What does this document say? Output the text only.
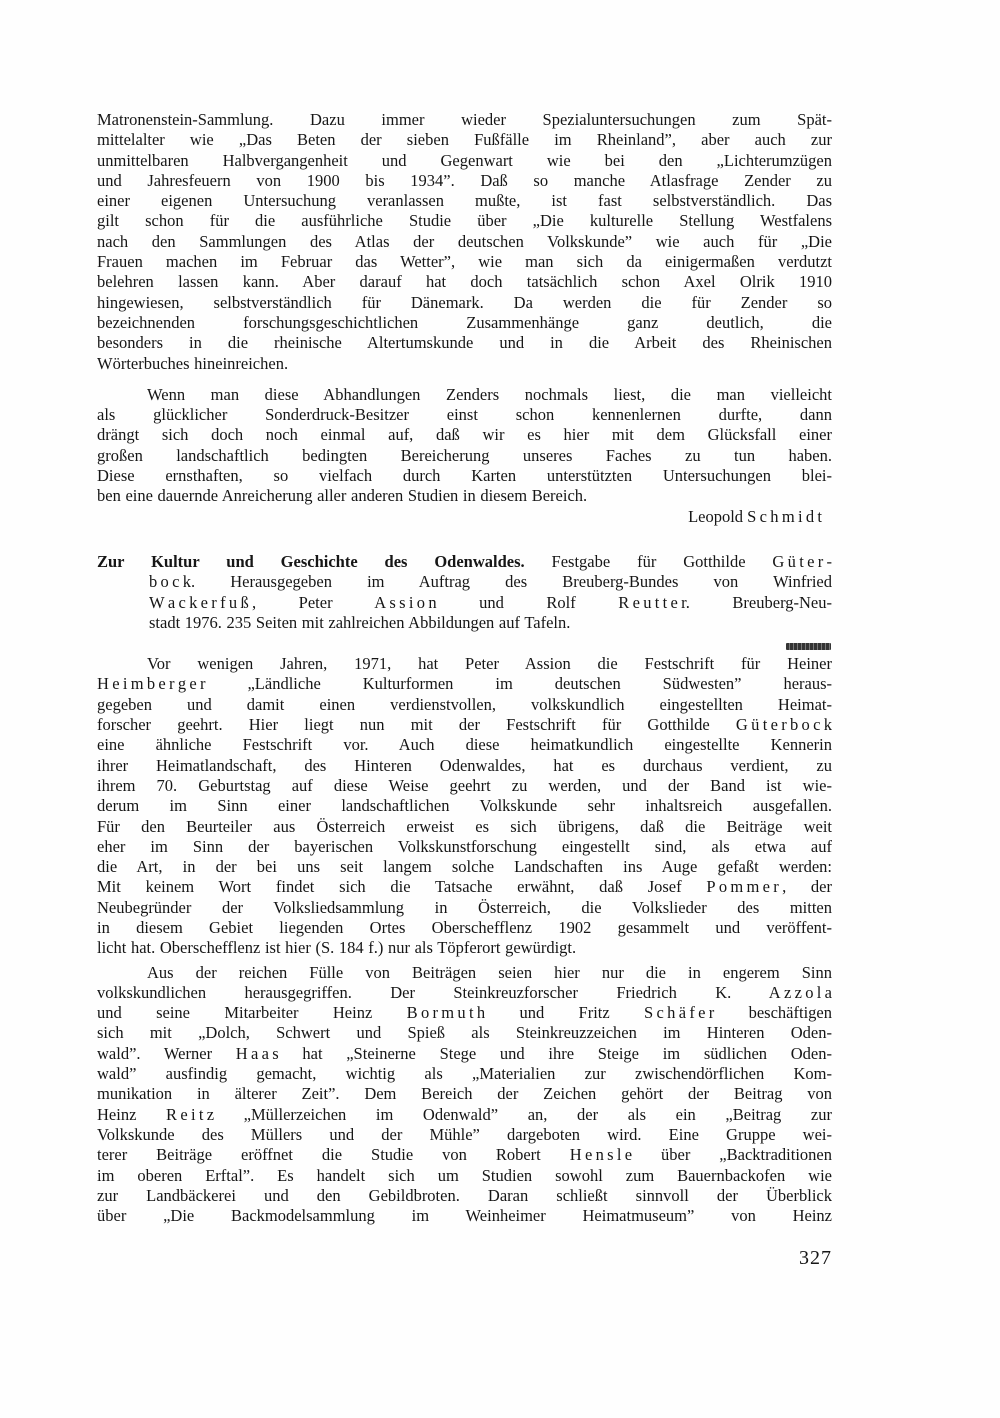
Matronenstein-Sammlung. Dazu immer wieder Spezialuntersuchungen zum Spät-
mittelalter wie „Das Beten der sieben Fußfälle im Rheinland”, aber auch zur
unmittelbaren Halbvergangenheit und Gegenwart wie bei den „Lichterumzügen
und Jahresfeuern von 1900 bis 1934”. Daß so manche Atlasfrage Zender zu
einer eigenen Untersuchung veranlassen mußte, ist fast selbstverständlich. Das
gilt schon für die ausführliche Studie über „Die kulturelle Stellung Westfalens
nach den Sammlungen des Atlas der deutschen Volkskunde” wie auch für „Die
Frauen machen im Februar das Wetter”, wie man sich da einigermaßen verdutzt
belehren lassen kann. Aber darauf hat doch tatsächlich schon Axel Olrik 1910
hingewiesen, selbstverständlich für Dänemark. Da werden die für Zender so
bezeichnenden forschungsgeschichtlichen Zusammenhänge ganz deutlich, die
besonders in die rheinische Altertumskunde und in die Arbeit des Rheinischen
Wörterbuches hineinreichen.
Wenn man diese Abhandlungen Zenders nochmals liest, die man vielleicht
als glücklicher Sonderdruck-Besitzer einst schon kennenlernen durfte, dann
drängt sich doch noch einmal auf, daß wir es hier mit dem Glücksfall einer
großen landschaftlich bedingten Bereicherung unseres Faches zu tun haben.
Diese ernsthaften, so vielfach durch Karten unterstützten Untersuchungen blei-
ben eine dauernde Anreicherung aller anderen Studien in diesem Bereich.
Leopold S c h m i d t
Zur Kultur und Geschichte des Odenwaldes. Festgabe für Gotthilde G ü t e r -
b o c k. Herausgegeben im Auftrag des Breuberg-Bundes von Winfried
W a c k e r f u ß , Peter A s s i o n und Rolf R e u t t e r. Breuberg-Neu-
stadt 1976. 235 Seiten mit zahlreichen Abbildungen auf Tafeln.
Vor wenigen Jahren, 1971, hat Peter Assion die Festschrift für Heiner
H e i m b e r g e r „Ländliche Kulturformen im deutschen Südwesten” heraus-
gegeben und damit einen verdienstvollen, volkskundlich eingestellten Heimat-
forscher geehrt. Hier liegt nun mit der Festschrift für Gotthilde G ü t e r b o c k
eine ähnliche Festschrift vor. Auch diese heimatkundlich eingestellte Kennerin
ihrer Heimatlandschaft, des Hinteren Odenwaldes, hat es durchaus verdient, zu
ihrem 70. Geburtstag auf diese Weise geehrt zu werden, und der Band ist wie-
derum im Sinn einer landschaftlichen Volkskunde sehr inhaltsreich ausgefallen.
Für den Beurteiler aus Österreich erweist es sich übrigens, daß die Beiträge weit
eher im Sinn der bayerischen Volkskunstforschung eingestellt sind, als etwa auf
die Art, in der bei uns seit langem solche Landschaften ins Auge gefaßt werden:
Mit keinem Wort findet sich die Tatsache erwähnt, daß Josef P o m m e r , der
Neubegründer der Volksliedsammlung in Österreich, die Volkslieder des mitten
in diesem Gebiet liegenden Ortes Oberschefflenz 1902 gesammelt und veröffent-
licht hat. Oberschefflenz ist hier (S. 184 f.) nur als Töpferort gewürdigt.
Aus der reichen Fülle von Beiträgen seien hier nur die in engerem Sinn
volkskundlichen herausgegriffen. Der Steinkreuzforscher Friedrich K. A z z o l a
und seine Mitarbeiter Heinz B o r m u t h und Fritz S c h ä f e r beschäftigen
sich mit „Dolch, Schwert und Spieß als Steinkreuzzeichen im Hinteren Oden-
wald”. Werner H a a s hat „Steinerne Stege und ihre Steige im südlichen Oden-
wald” ausfindig gemacht, wichtig als „Materialien zur zwischendörflichen Kom-
munikation in älterer Zeit”. Dem Bereich der Zeichen gehört der Beitrag von
Heinz R e i t z „Müllerzeichen im Odenwald” an, der als ein „Beitrag zur
Volkskunde des Müllers und der Mühle” dargeboten wird. Eine Gruppe wei-
terer Beiträge eröffnet die Studie von Robert H e n s l e über „Backtraditionen
im oberen Erftal”. Es handelt sich um Studien sowohl zum Bauernbackofen wie
zur Landbäckerei und den Gebildbroten. Daran schließt sinnvoll der Überblick
über „Die Backmodelsammlung im Weinheimer Heimatmuseum” von Heinz
327
